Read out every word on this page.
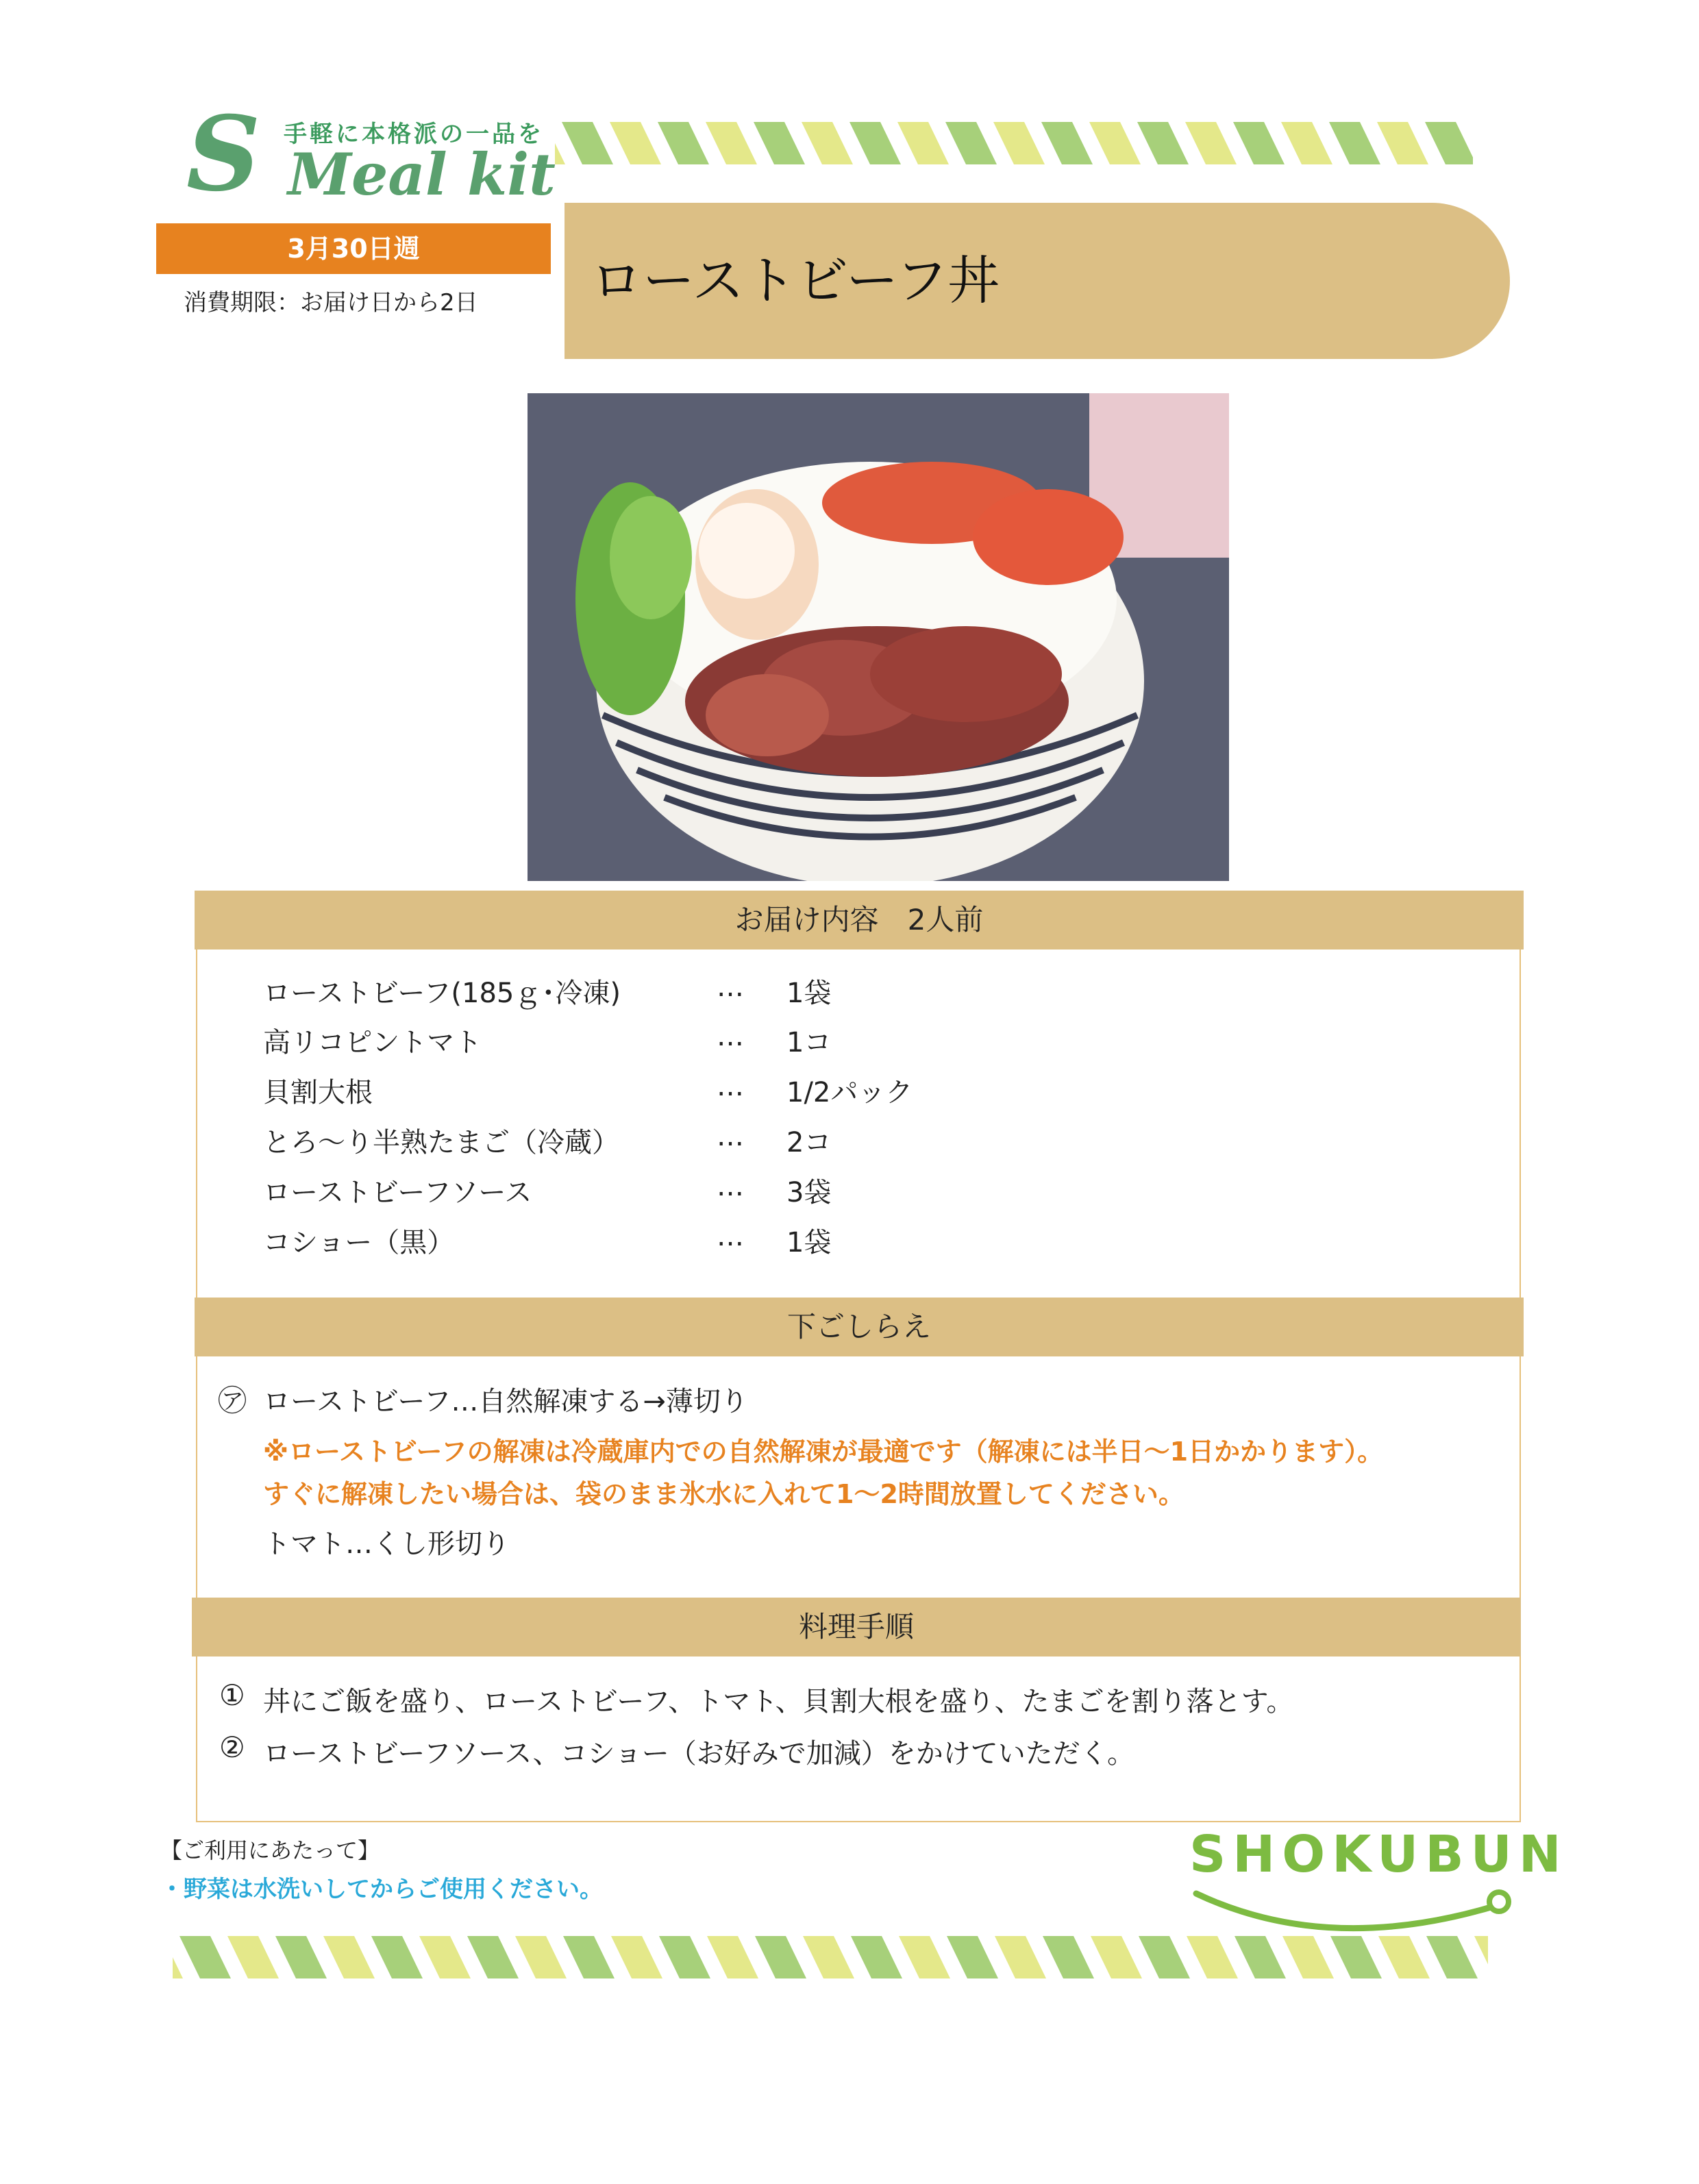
手軽に本格派の一品を
S Meal kit
3月30日週
消費期限：お届け日から2日 ローストビーフ丼
お届け内容　2人前
ローストビーフ(185ｇ･冷凍)	… 1袋
高リコピントマト	… 1コ
貝割大根	… 1/2パック
とろ～り半熟たまご（冷蔵）	… 2コ
ローストビーフソース	… 3袋
コショー（黒）	… 1袋
下ごしらえ
㋐ ローストビーフ…自然解凍する→薄切り
※ローストビーフの解凍は冷蔵庫内での自然解凍が最適です（解凍には半日～1日かかります）。
すぐに解凍したい場合は、袋のまま氷水に入れて1～2時間放置してください。
トマト…くし形切り
料理手順
① 丼にご飯を盛り、ローストビーフ、トマト、貝割大根を盛り、たまごを割り落とす。
② ローストビーフソース、コショー（お好みで加減）をかけていただく。
【ご利用にあたって】
・野菜は水洗いしてからご使用ください。
SHOKUBUN
